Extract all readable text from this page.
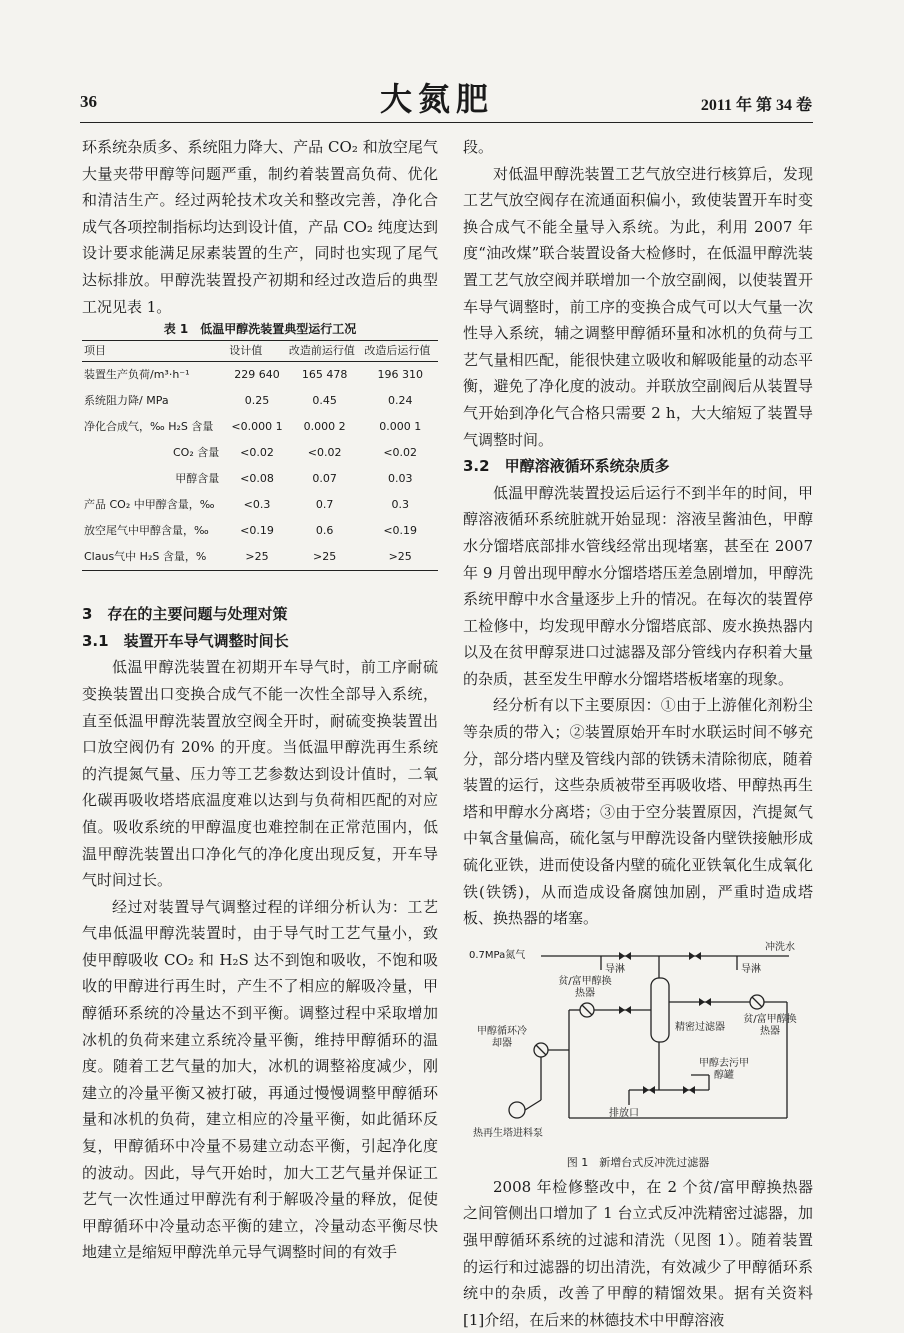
36	大氮肥	2011 年 第 34 卷

环系统杂质多、系统阻力降大、产品 CO₂ 和放空尾气大量夹带甲醇等问题严重，制约着装置高负荷、优化和清洁生产。经过两轮技术攻关和整改完善，净化合成气各项控制指标均达到设计值，产品 CO₂ 纯度达到设计要求能满足尿素装置的生产，同时也实现了尾气达标排放。甲醇洗装置投产初期和经过改造后的典型工况见表 1。

表 1　低温甲醇洗装置典型运行工况

项目	设计值	改造前运行值	改造后运行值
装置生产负荷/m³·h⁻¹	229 640	165 478	196 310
系统阻力降/ MPa	0.25	0.45	0.24
净化合成气，‰ H₂S 含量	<0.000 1	0.000 2	0.000 1
CO₂ 含量	<0.02	<0.02	<0.02
甲醇含量	<0.08	0.07	0.03
产品 CO₂ 中甲醇含量，‰	<0.3	0.7	0.3
放空尾气中甲醇含量，‰	<0.19	0.6	<0.19
Claus气中 H₂S 含量，%	>25	>25	>25

3　存在的主要问题与处理对策

3.1　装置开车导气调整时间长

低温甲醇洗装置在初期开车导气时，前工序耐硫变换装置出口变换合成气不能一次性全部导入系统，直至低温甲醇洗装置放空阀全开时，耐硫变换装置出口放空阀仍有 20% 的开度。当低温甲醇洗再生系统的汽提氮气量、压力等工艺参数达到设计值时，二氧化碳再吸收塔塔底温度难以达到与负荷相匹配的对应值。吸收系统的甲醇温度也难控制在正常范围内，低温甲醇洗装置出口净化气的净化度出现反复，开车导气时间过长。

经过对装置导气调整过程的详细分析认为：工艺气串低温甲醇洗装置时，由于导气时工艺气量小，致使甲醇吸收 CO₂ 和 H₂S 达不到饱和吸收，不饱和吸收的甲醇进行再生时，产生不了相应的解吸冷量，甲醇循环系统的冷量达不到平衡。调整过程中采取增加冰机的负荷来建立系统冷量平衡，维持甲醇循环的温度。随着工艺气量的加大，冰机的调整裕度减少，刚建立的冷量平衡又被打破，再通过慢慢调整甲醇循环量和冰机的负荷，建立相应的冷量平衡，如此循环反复，甲醇循环中冷量不易建立动态平衡，引起净化度的波动。因此，导气开始时，加大工艺气量并保证工艺气一次性通过甲醇洗有利于解吸冷量的释放，促使甲醇循环中冷量动态平衡的建立，冷量动态平衡尽快地建立是缩短甲醇洗单元导气调整时间的有效手

段。

对低温甲醇洗装置工艺气放空进行核算后，发现工艺气放空阀存在流通面积偏小，致使装置开车时变换合成气不能全量导入系统。为此，利用 2007 年度“油改煤”联合装置设备大检修时，在低温甲醇洗装置工艺气放空阀并联增加一个放空副阀，以使装置开车导气调整时，前工序的变换合成气可以大气量一次性导入系统，辅之调整甲醇循环量和冰机的负荷与工艺气量相匹配，能很快建立吸收和解吸能量的动态平衡，避免了净化度的波动。并联放空副阀后从装置导气开始到净化气合格只需要 2 h，大大缩短了装置导气调整时间。

3.2　甲醇溶液循环系统杂质多

低温甲醇洗装置投运后运行不到半年的时间，甲醇溶液循环系统脏就开始显现：溶液呈酱油色，甲醇水分馏塔底部排水管线经常出现堵塞，甚至在 2007 年 9 月曾出现甲醇水分馏塔塔压差急剧增加，甲醇洗系统甲醇中水含量逐步上升的情况。在每次的装置停工检修中，均发现甲醇水分馏塔底部、废水换热器内以及在贫甲醇泵进口过滤器及部分管线内存积着大量的杂质，甚至发生甲醇水分馏塔塔板堵塞的现象。

经分析有以下主要原因：①由于上游催化剂粉尘等杂质的带入；②装置原始开车时水联运时间不够充分，部分塔内壁及管线内部的铁锈未清除彻底，随着装置的运行，这些杂质被带至再吸收塔、甲醇热再生塔和甲醇水分离塔；③由于空分装置原因，汽提氮气中氧含量偏高，硫化氢与甲醇洗设备内壁铁接触形成硫化亚铁，进而使设备内壁的硫化亚铁氧化生成氧化铁(铁锈)，从而造成设备腐蚀加剧，严重时造成塔板、换热器的堵塞。

0.7MPa氮气
导淋
冲洗水
导淋
贫/富甲醇换热器
精密过滤器
贫/富甲醇换热器
甲醇循环冷却器
甲醇去污甲醇罐
排放口
热再生塔进料泵

图 1　新增台式反冲洗过滤器

2008 年检修整改中，在 2 个贫/富甲醇换热器之间管侧出口增加了 1 台立式反冲洗精密过滤器，加强甲醇循环系统的过滤和清洗（见图 1）。随着装置的运行和过滤器的切出清洗，有效减少了甲醇循环系统中的杂质，改善了甲醇的精馏效果。据有关资料[1]介绍，在后来的林德技术中甲醇溶液
